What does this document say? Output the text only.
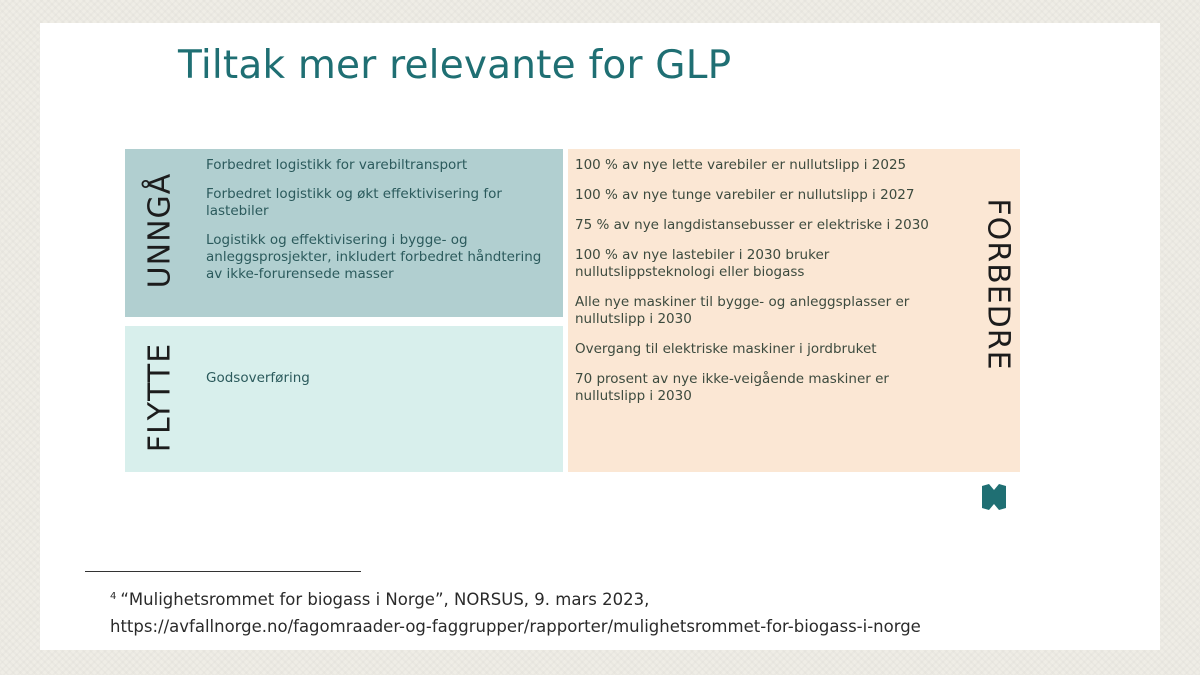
Tiltak mer relevante for GLP
UNNGÅ
Forbedret logistikk for varebiltransport
Forbedret logistikk og økt effektivisering for lastebiler
Logistikk og effektivisering i bygge- og anleggsprosjekter, inkludert forbedret håndtering av ikke-forurensede masser
FLYTTE Godsoverføring
100 % av nye lette varebiler er nullutslipp i 2025
100 % av nye tunge varebiler er nullutslipp i 2027
75 % av nye langdistansebusser er elektriske i 2030
100 % av nye lastebiler i 2030 bruker nullutslippsteknologi eller biogass
Alle nye maskiner til bygge- og anleggsplasser er nullutslipp i 2030
Overgang til elektriske maskiner i jordbruket
70 prosent av nye ikke-veigående maskiner er nullutslipp i 2030
FORBEDRE
$^4$ “Mulighetsrommet for biogass i Norge”, NORSUS, 9. mars 2023,
https://avfallnorge.no/fagomraader-og-faggrupper/rapporter/mulighetsrommet-for-biogass-i-norge
